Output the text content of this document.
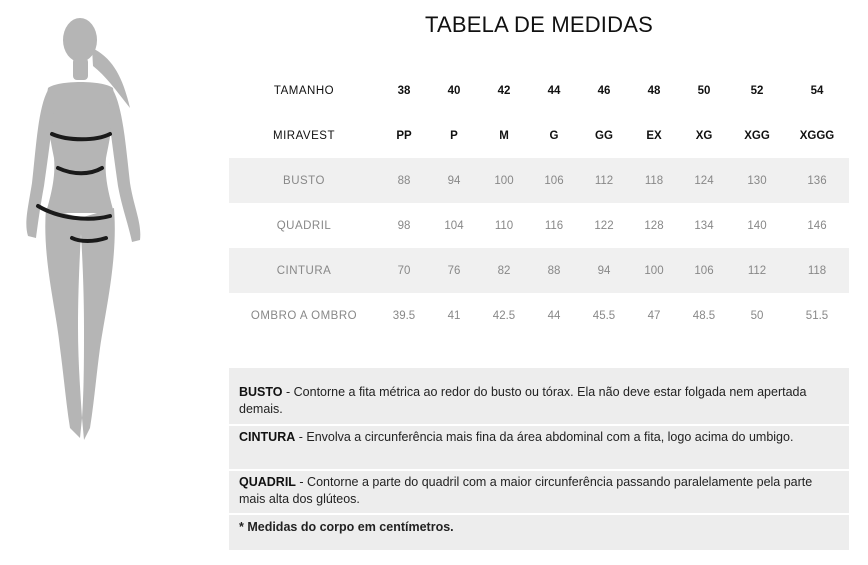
TABELA DE MEDIDAS
TAMANHO	38	40	42	44	46	48	50	52	54
MIRAVEST	PP	P	M	G	GG	EX	XG	XGG	XGGG
BUSTO	88	94	100	106	112	118	124	130	136
QUADRIL	98	104	110	116	122	128	134	140	146
CINTURA	70	76	82	88	94	100	106	112	118
OMBRO A OMBRO	39.5	41	42.5	44	45.5	47	48.5	50	51.5
BUSTO - Contorne a fita métrica ao redor do busto ou tórax. Ela não deve estar folgada nem apertada demais.
CINTURA - Envolva a circunferência mais fina da área abdominal com a fita, logo acima do umbigo.
QUADRIL - Contorne a parte do quadril com a maior circunferência passando paralelamente pela parte mais alta dos glúteos.
* Medidas do corpo em centímetros.
